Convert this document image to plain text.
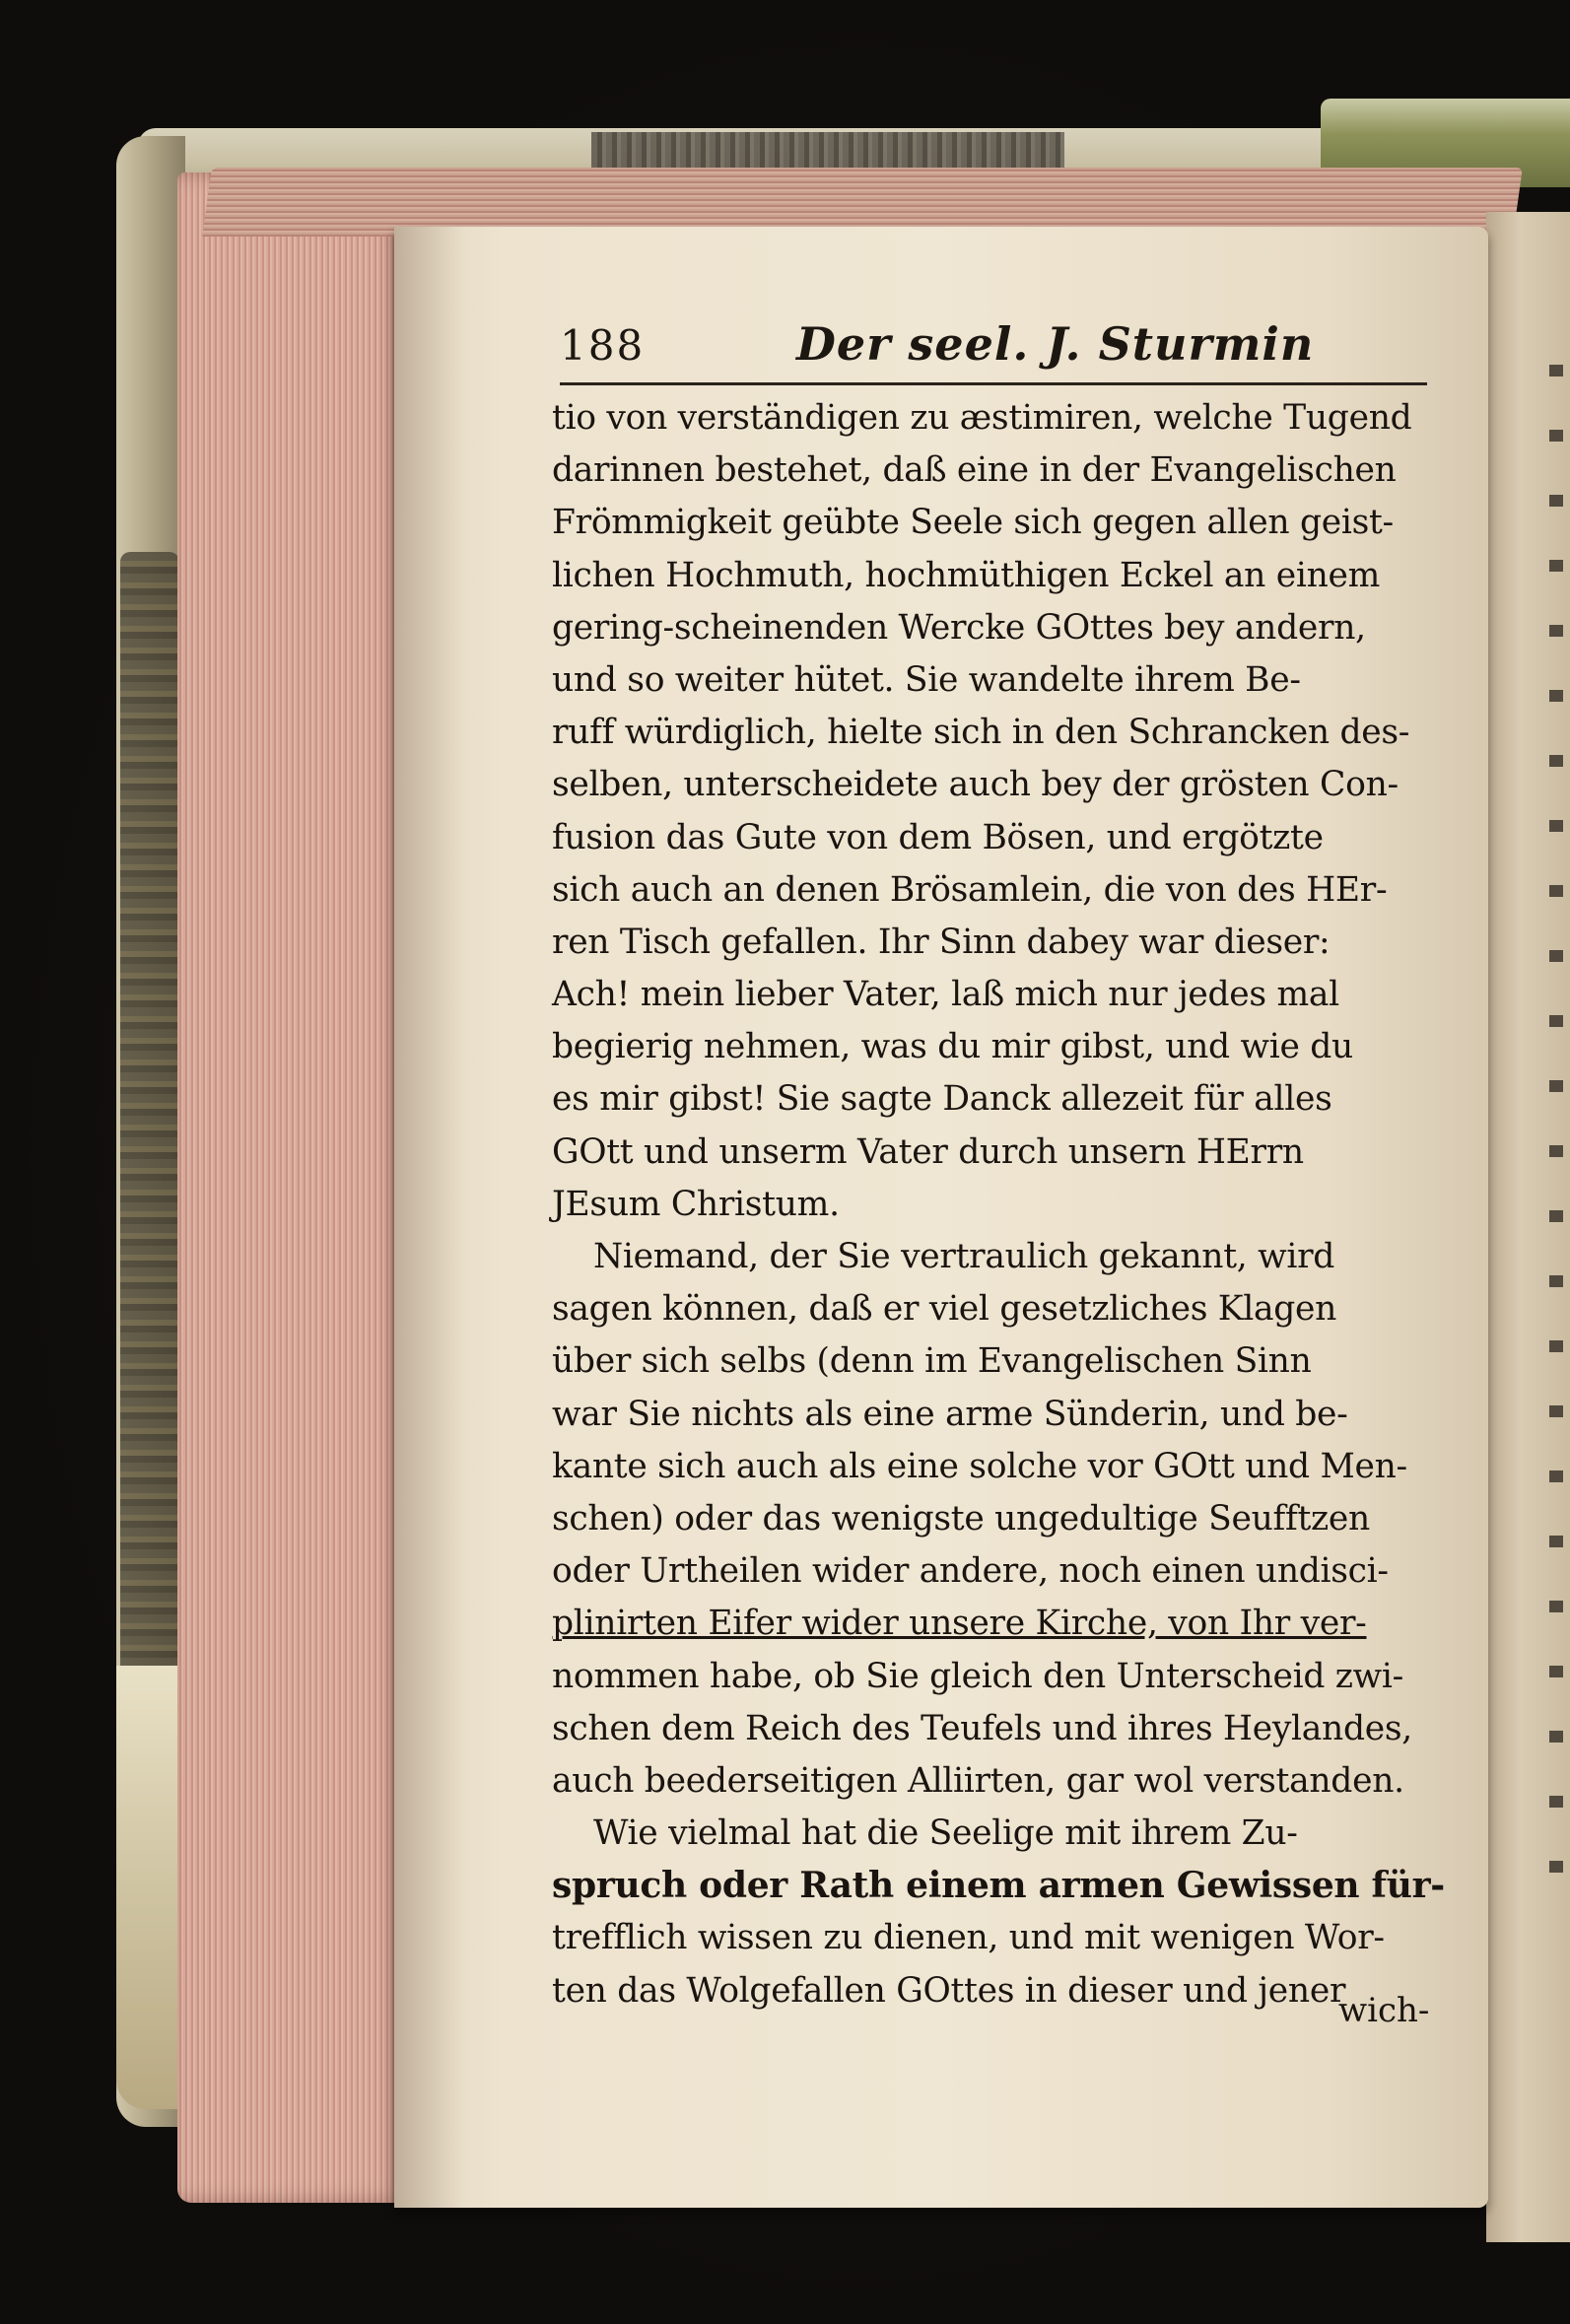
188	Der seel. J. Sturmin
tio von verständigen zu æstimiren, welche Tugend
darinnen bestehet, daß eine in der Evangelischen
Frömmigkeit geübte Seele sich gegen allen geist-
lichen Hochmuth, hochmüthigen Eckel an einem
gering-scheinenden Wercke GOttes bey andern,
und so weiter hütet. Sie wandelte ihrem Be-
ruff würdiglich, hielte sich in den Schrancken des-
selben, unterscheidete auch bey der grösten Con-
fusion das Gute von dem Bösen, und ergötzte
sich auch an denen Brösamlein, die von des HEr-
ren Tisch gefallen. Ihr Sinn dabey war dieser:
Ach! mein lieber Vater, laß mich nur jedes mal
begierig nehmen, was du mir gibst, und wie du
es mir gibst! Sie sagte Danck allezeit für alles
GOtt und unserm Vater durch unsern HErrn
JEsum Christum.
Niemand, der Sie vertraulich gekannt, wird
sagen können, daß er viel gesetzliches Klagen
über sich selbs (denn im Evangelischen Sinn
war Sie nichts als eine arme Sünderin, und be-
kante sich auch als eine solche vor GOtt und Men-
schen) oder das wenigste ungedultige Seufftzen
oder Urtheilen wider andere, noch einen undisci-
plinirten Eifer wider unsere Kirche, von Ihr ver-
nommen habe, ob Sie gleich den Unterscheid zwi-
schen dem Reich des Teufels und ihres Heylandes,
auch beederseitigen Alliirten, gar wol verstanden.
Wie vielmal hat die Seelige mit ihrem Zu-
spruch oder Rath einem armen Gewissen für-
trefflich wissen zu dienen, und mit wenigen Wor-
ten das Wolgefallen GOttes in dieser und jener
wich-
